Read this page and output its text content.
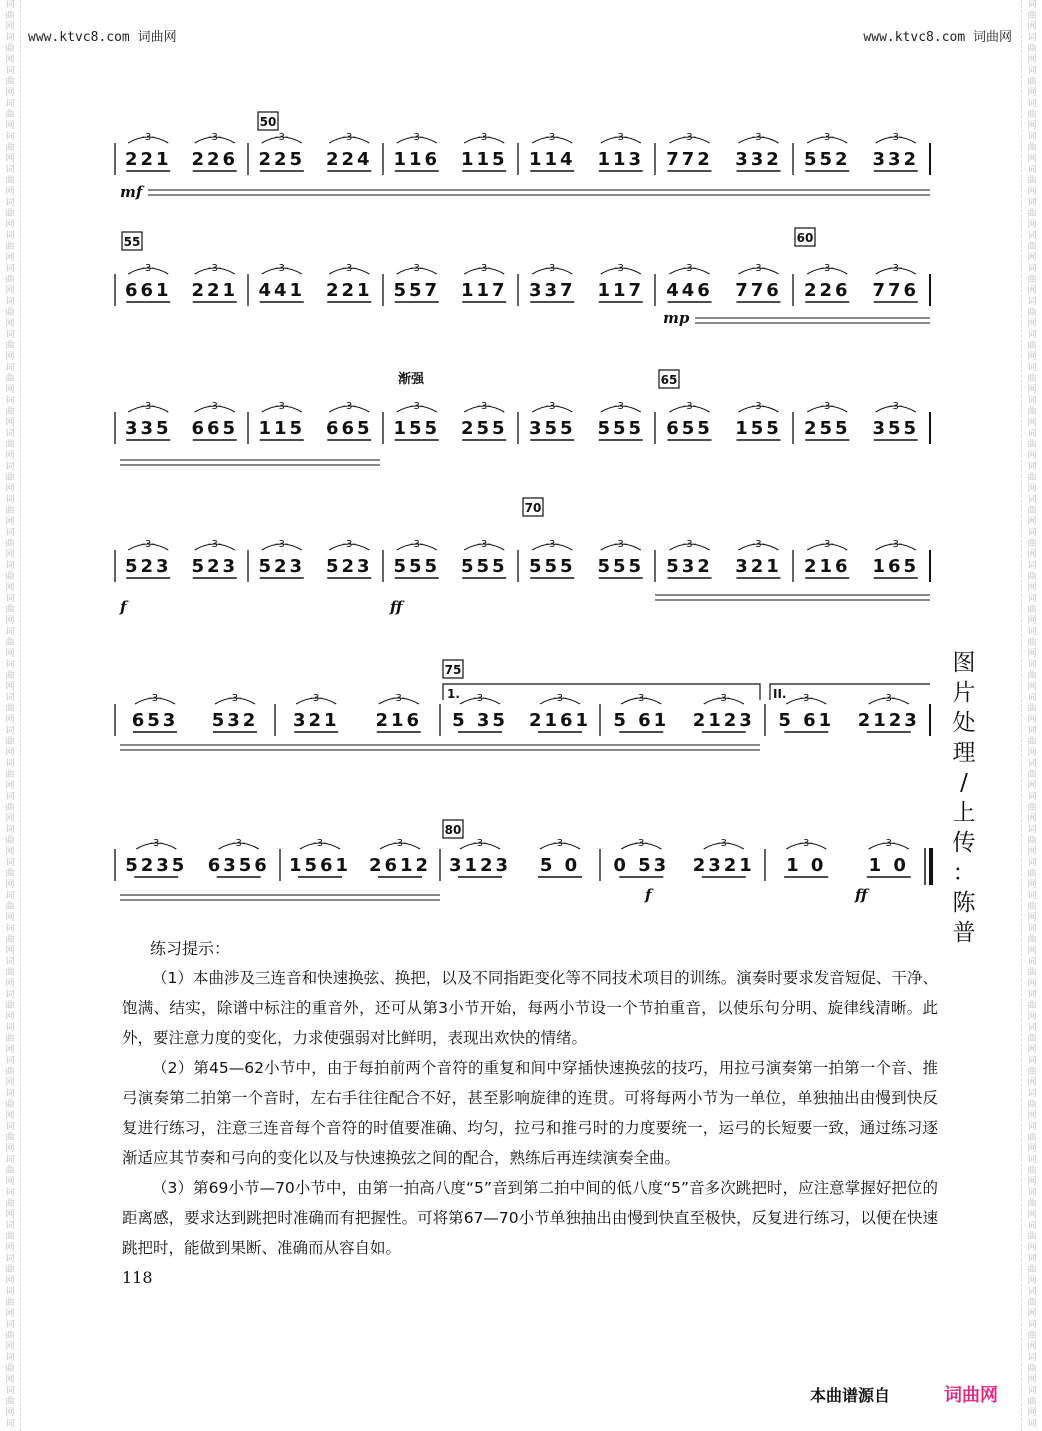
词
曲
网
词
曲
网
词
曲
网
词
曲
网
词
曲
网
词
曲
网
词
曲
网
词
曲
网
词
曲
网
词
曲
网
词
曲
网
词
曲
网
词
曲
网
词
曲
网
词
曲
网
词
曲
网
词
曲
网
词
曲
网
词
曲
网
词
曲
网
词
曲
网
词
曲
网
词
曲
网
词
曲
网
词
曲
网
词
曲
网
词
曲
网
词
曲
网
词
曲
网
词
曲
网
词
曲
网
词
曲
网
词
曲
网
词
曲
网
词
曲
网
词
曲
网
词
曲
网
词
曲
网
词
曲
网
词
曲
网
词
曲
网
词
曲
网
词
曲
网
词
词
曲
网
词
曲
网
词
曲
网
词
曲
网
词
曲
网
词
曲
网
词
曲
网
词
曲
网
词
曲
网
词
曲
网
词
曲
网
词
曲
网
词
曲
网
词
曲
网
词
曲
网
词
曲
网
词
曲
网
词
曲
网
词
曲
网
词
曲
网
词
曲
网
词
曲
网
词
曲
网
词
曲
网
词
曲
网
词
曲
网
词
曲
网
词
曲
网
词
曲
网
词
曲
网
词
曲
网
词
曲
网
词
曲
网
词
曲
网
词
曲
网
词
曲
网
词
曲
网
词
曲
网
词
曲
网
词
曲
网
词
曲
网
词
曲
网
词
曲
网
词
www.ktvc8.com 词曲网	www.ktvc8.com 词曲网
221
-3-
226
-3-
225
-3-
224
-3-
116
-3-
115
-3-
114
-3-
113
-3-
772
-3-
332
-3-
552
-3-
332
-3-
661
-3-
221
-3-
441
-3-
221
-3-
557
-3-
117
-3-
337
-3-
117
-3-
446
-3-
776
-3-
226
-3-
776
-3-
335
-3-
665
-3-
115
-3-
665
-3-
155
-3-
255
-3-
355
-3-
555
-3-
655
-3-
155
-3-
255
-3-
355
-3-
523
-3-
523
-3-
523
-3-
523
-3-
555
-3-
555
-3-
555
-3-
555
-3-
532
-3-
321
-3-
216
-3-
165
-3-
653
-3-
532
-3-
321
-3-
216
-3-
5 35
-3-
2161
-3-
5 61
-3-
2123
-3-
5 61
-3-
2123
-3-
5235
-3-
6356
-3-
1561
-3-
2612
-3-
3123
-3-
5 0
-3-
0 53
-3-
2321
-3-
1 0
-3-
1 0
-3-
50
55	60
65
70
75
80
渐强
mf
mp
f	ff
f	ff
1.	II.
图
片
处
理
/
上
传
：
陈
普
练习提示：

（1）本曲涉及三连音和快速换弦、换把，以及不同指距变化等不同技术项目的训练。演奏时要求发音短促、干净、饱满、结实，除谱中标注的重音外，还可从第3小节开始，每两小节设一个节拍重音，以使乐句分明、旋律线清晰。此外，要注意力度的变化，力求使强弱对比鲜明，表现出欢快的情绪。

（2）第45—62小节中，由于每拍前两个音符的重复和间中穿插快速换弦的技巧，用拉弓演奏第一拍第一个音、推弓演奏第二拍第一个音时，左右手往往配合不好，甚至影响旋律的连贯。可将每两小节为一单位，单独抽出由慢到快反复进行练习，注意三连音每个音符的时值要准确、均匀，拉弓和推弓时的力度要统一，运弓的长短要一致，通过练习逐渐适应其节奏和弓向的变化以及与快速换弦之间的配合，熟练后再连续演奏全曲。

（3）第69小节—70小节中，由第一拍高八度“5”音到第二拍中间的低八度“5”音多次跳把时，应注意掌握好把位的距离感，要求达到跳把时准确而有把握性。可将第67—70小节单独抽出由慢到快直至极快，反复进行练习，以便在快速跳把时，能做到果断、准确而从容自如。

118
本曲谱源自	词曲网
